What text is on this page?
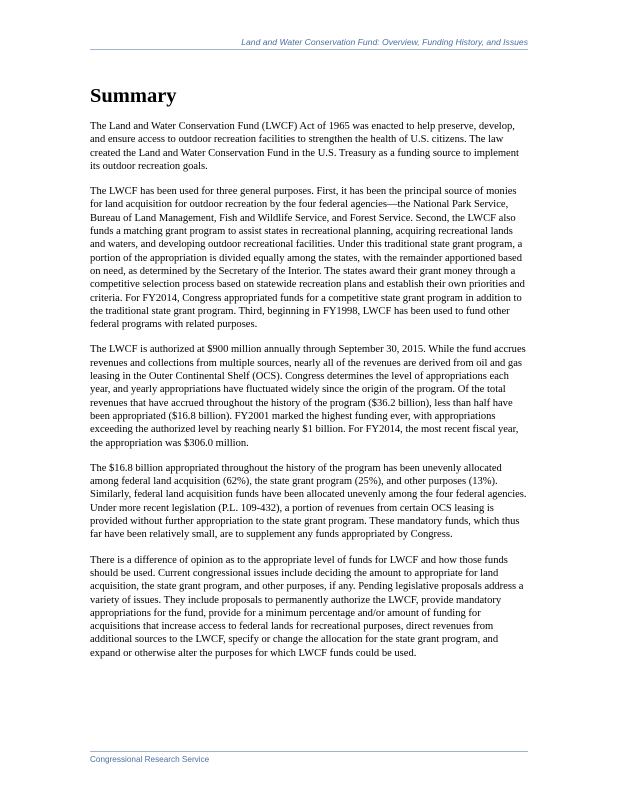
Land and Water Conservation Fund: Overview, Funding History, and Issues
Summary

The Land and Water Conservation Fund (LWCF) Act of 1965 was enacted to help preserve, develop, and ensure access to outdoor recreation facilities to strengthen the health of U.S. citizens. The law created the Land and Water Conservation Fund in the U.S. Treasury as a funding source to implement its outdoor recreation goals.

The LWCF has been used for three general purposes. First, it has been the principal source of monies for land acquisition for outdoor recreation by the four federal agencies—the National Park Service, Bureau of Land Management, Fish and Wildlife Service, and Forest Service. Second, the LWCF also funds a matching grant program to assist states in recreational planning, acquiring recreational lands and waters, and developing outdoor recreational facilities. Under this traditional state grant program, a portion of the appropriation is divided equally among the states, with the remainder apportioned based on need, as determined by the Secretary of the Interior. The states award their grant money through a competitive selection process based on statewide recreation plans and establish their own priorities and criteria. For FY2014, Congress appropriated funds for a competitive state grant program in addition to the traditional state grant program. Third, beginning in FY1998, LWCF has been used to fund other federal programs with related purposes.

The LWCF is authorized at $900 million annually through September 30, 2015. While the fund accrues revenues and collections from multiple sources, nearly all of the revenues are derived from oil and gas leasing in the Outer Continental Shelf (OCS). Congress determines the level of appropriations each year, and yearly appropriations have fluctuated widely since the origin of the program. Of the total revenues that have accrued throughout the history of the program ($36.2 billion), less than half have been appropriated ($16.8 billion). FY2001 marked the highest funding ever, with appropriations exceeding the authorized level by reaching nearly $1 billion. For FY2014, the most recent fiscal year, the appropriation was $306.0 million.

The $16.8 billion appropriated throughout the history of the program has been unevenly allocated among federal land acquisition (62%), the state grant program (25%), and other purposes (13%). Similarly, federal land acquisition funds have been allocated unevenly among the four federal agencies. Under more recent legislation (P.L. 109-432), a portion of revenues from certain OCS leasing is provided without further appropriation to the state grant program. These mandatory funds, which thus far have been relatively small, are to supplement any funds appropriated by Congress.

There is a difference of opinion as to the appropriate level of funds for LWCF and how those funds should be used. Current congressional issues include deciding the amount to appropriate for land acquisition, the state grant program, and other purposes, if any. Pending legislative proposals address a variety of issues. They include proposals to permanently authorize the LWCF, provide mandatory appropriations for the fund, provide for a minimum percentage and/or amount of funding for acquisitions that increase access to federal lands for recreational purposes, direct revenues from additional sources to the LWCF, specify or change the allocation for the state grant program, and expand or otherwise alter the purposes for which LWCF funds could be used.

Congressional Research Service
